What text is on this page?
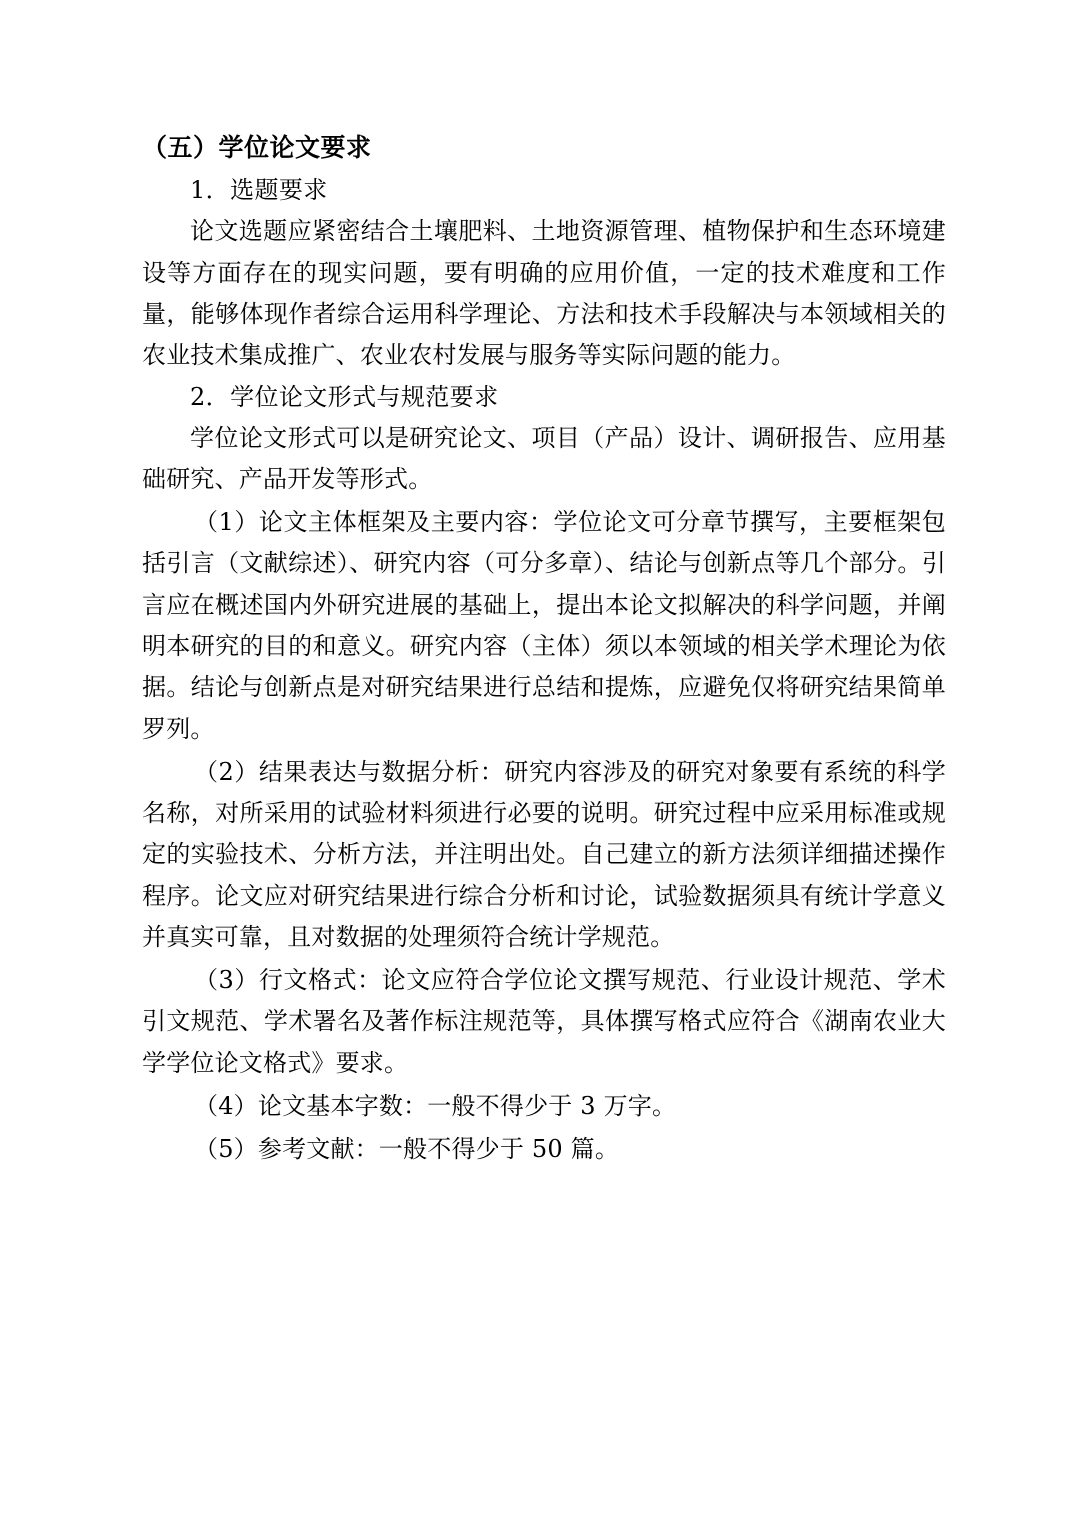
（五）学位论文要求
1．选题要求

论文选题应紧密结合土壤肥料、土地资源管理、植物保护和生态环境建设等方面存在的现实问题，要有明确的应用价值，一定的技术难度和工作量，能够体现作者综合运用科学理论、方法和技术手段解决与本领域相关的农业技术集成推广、农业农村发展与服务等实际问题的能力。

2．学位论文形式与规范要求

学位论文形式可以是研究论文、项目（产品）设计、调研报告、应用基础研究、产品开发等形式。

（1）论文主体框架及主要内容：学位论文可分章节撰写，主要框架包括引言（文献综述）、研究内容（可分多章）、结论与创新点等几个部分。引言应在概述国内外研究进展的基础上，提出本论文拟解决的科学问题，并阐明本研究的目的和意义。研究内容（主体）须以本领域的相关学术理论为依据。结论与创新点是对研究结果进行总结和提炼，应避免仅将研究结果简单罗列。

（2）结果表达与数据分析：研究内容涉及的研究对象要有系统的科学名称，对所采用的试验材料须进行必要的说明。研究过程中应采用标准或规定的实验技术、分析方法，并注明出处。自己建立的新方法须详细描述操作程序。论文应对研究结果进行综合分析和讨论，试验数据须具有统计学意义并真实可靠，且对数据的处理须符合统计学规范。

（3）行文格式：论文应符合学位论文撰写规范、行业设计规范、学术引文规范、学术署名及著作标注规范等，具体撰写格式应符合《湖南农业大学学位论文格式》要求。

（4）论文基本字数：一般不得少于 3 万字。

（5）参考文献：一般不得少于 50 篇。
